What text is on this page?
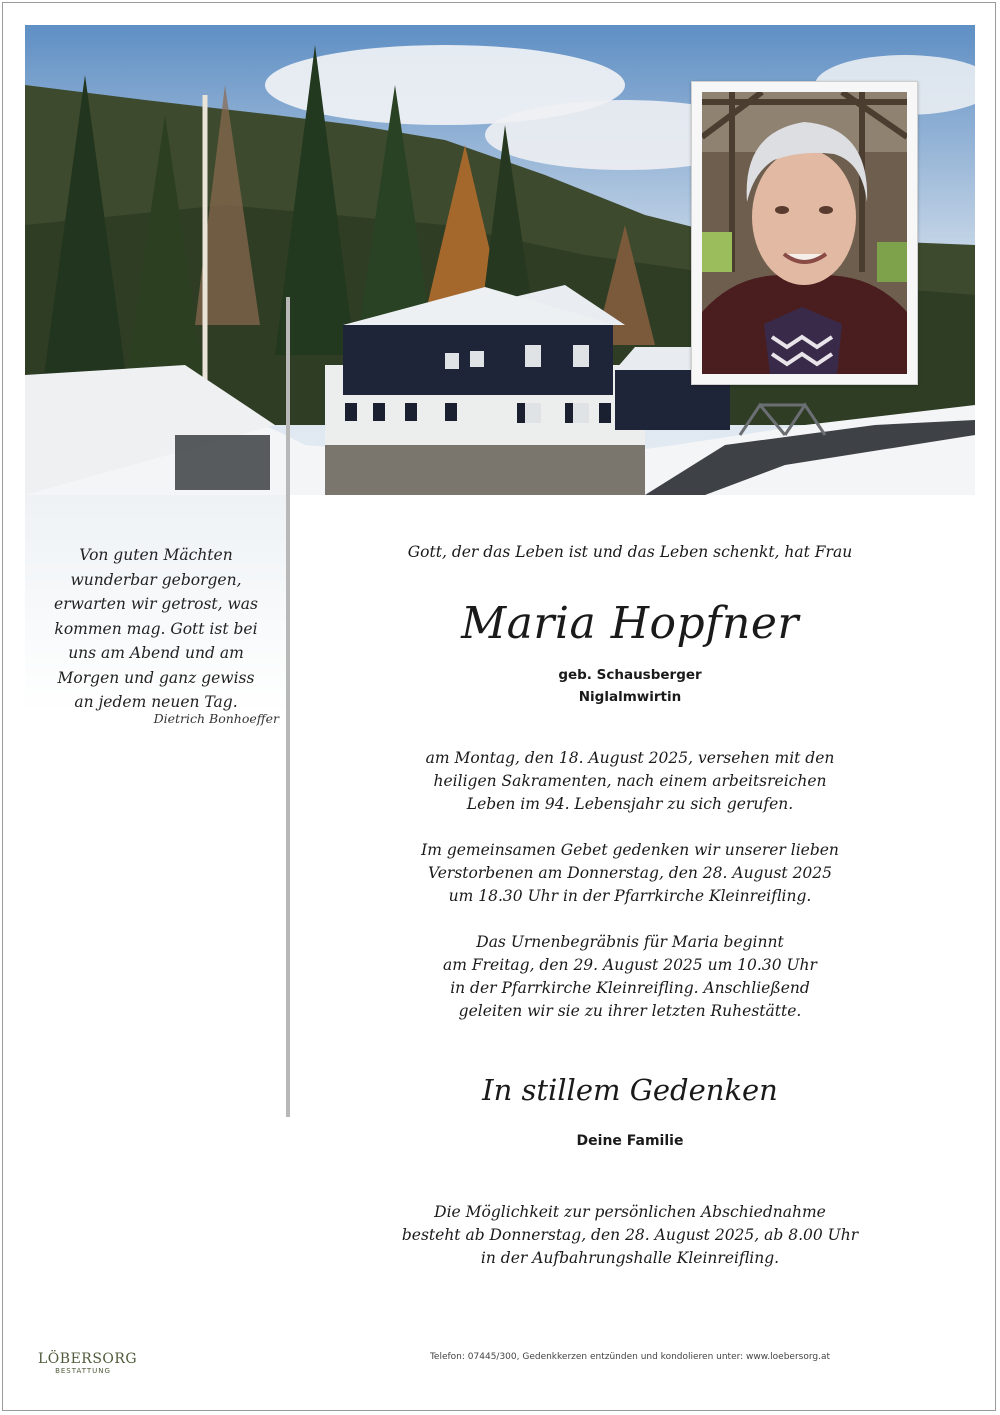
Von guten Mächten
wunderbar geborgen,
erwarten wir getrost, was
kommen mag. Gott ist bei
uns am Abend und am
Morgen und ganz gewiss
an jedem neuen Tag.
Dietrich Bonhoeffer
Gott, der das Leben ist und das Leben schenkt, hat Frau
Maria Hopfner
geb. Schausberger
Niglalmwirtin
am Montag, den 18. August 2025, versehen mit den
heiligen Sakramenten, nach einem arbeitsreichen
Leben im 94. Lebensjahr zu sich gerufen.
Im gemeinsamen Gebet gedenken wir unserer lieben
Verstorbenen am Donnerstag, den 28. August 2025
um 18.30 Uhr in der Pfarrkirche Kleinreifling.
Das Urnenbegräbnis für Maria beginnt
am Freitag, den 29. August 2025 um 10.30 Uhr
in der Pfarrkirche Kleinreifling. Anschließend
geleiten wir sie zu ihrer letzten Ruhestätte.
In stillem Gedenken
Deine Familie
Die Möglichkeit zur persönlichen Abschiednahme
besteht ab Donnerstag, den 28. August 2025, ab 8.00 Uhr
in der Aufbahrungshalle Kleinreifling.
LÖBERSORG
BESTATTUNG
Telefon: 07445/300, Gedenkkerzen entzünden und kondolieren unter: www.loebersorg.at
